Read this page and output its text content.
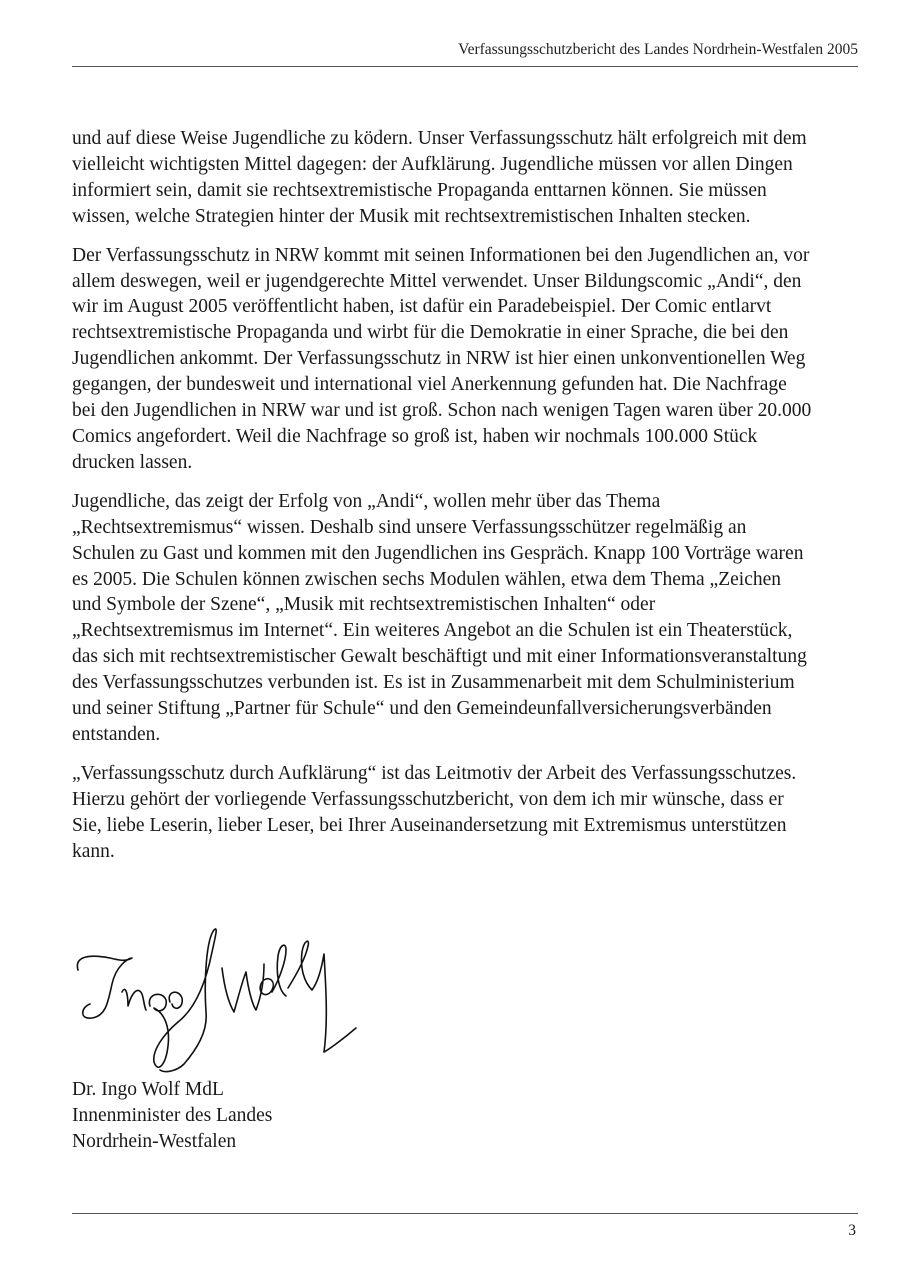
Verfassungsschutzbericht des Landes Nordrhein-Westfalen 2005

und auf diese Weise Jugendliche zu ködern. Unser Verfassungsschutz hält erfolgreich mit dem vielleicht wichtigsten Mittel dagegen: der Aufklärung. Jugendliche müssen vor allen Dingen informiert sein, damit sie rechtsextremistische Propaganda enttarnen können. Sie müssen wissen, welche Strategien hinter der Musik mit rechtsextremistischen Inhalten stecken.

Der Verfassungsschutz in NRW kommt mit seinen Informationen bei den Jugendlichen an, vor allem deswegen, weil er jugendgerechte Mittel verwendet. Unser Bildungscomic „Andi“, den wir im August 2005 veröffentlicht haben, ist dafür ein Paradebeispiel. Der Comic entlarvt rechtsextremistische Propaganda und wirbt für die Demokratie in einer Sprache, die bei den Jugendlichen ankommt. Der Verfassungsschutz in NRW ist hier einen unkonventionellen Weg gegangen, der bundesweit und international viel Anerkennung gefunden hat. Die Nachfrage bei den Jugendlichen in NRW war und ist groß. Schon nach wenigen Tagen waren über 20.000 Comics angefordert. Weil die Nachfrage so groß ist, haben wir nochmals 100.000 Stück drucken lassen.

Jugendliche, das zeigt der Erfolg von „Andi“, wollen mehr über das Thema „Rechtsextremismus“ wissen. Deshalb sind unsere Verfassungsschützer regelmäßig an Schulen zu Gast und kommen mit den Jugendlichen ins Gespräch. Knapp 100 Vorträge waren es 2005. Die Schulen können zwischen sechs Modulen wählen, etwa dem Thema „Zeichen und Symbole der Szene“, „Musik mit rechtsextremistischen Inhalten“ oder „Rechtsextremismus im Internet“. Ein weiteres Angebot an die Schulen ist ein Theaterstück, das sich mit rechtsextremistischer Gewalt beschäftigt und mit einer Informationsveranstaltung des Verfassungsschutzes verbunden ist. Es ist in Zusammenarbeit mit dem Schulministerium und seiner Stiftung „Partner für Schule“ und den Gemeindeunfallversicherungsverbänden entstanden.

„Verfassungsschutz durch Aufklärung“ ist das Leitmotiv der Arbeit des Verfassungsschutzes. Hierzu gehört der vorliegende Verfassungsschutzbericht, von dem ich mir wünsche, dass er Sie, liebe Leserin, lieber Leser, bei Ihrer Auseinandersetzung mit Extremismus unterstützen kann.

Dr. Ingo Wolf MdL
Innenminister des Landes
Nordrhein-Westfalen
3
